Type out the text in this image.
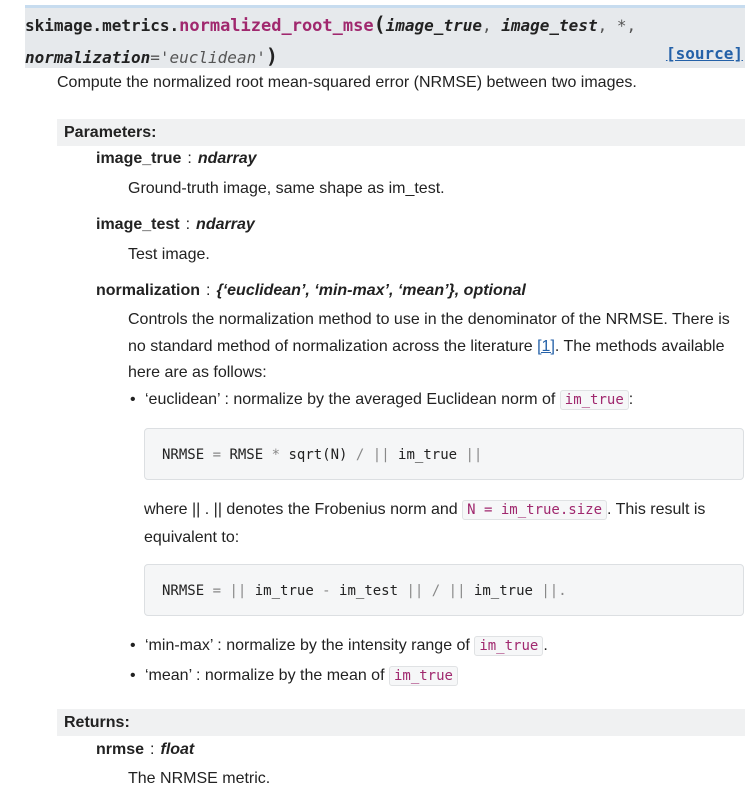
skimage.metrics.normalized_root_mse(image_true, image_test, *,
normalization='euclidean')	[source]
Compute the normalized root mean-squared error (NRMSE) between two images.
Parameters:
image_true : ndarray
Ground-truth image, same shape as im_test.
image_test : ndarray
Test image.
normalization : {‘euclidean’, ‘min-max’, ‘mean’}, optional
Controls the normalization method to use in the denominator of the NRMSE. There is no standard method of normalization across the literature [1]. The methods available here are as follows:
• ‘euclidean’ : normalize by the averaged Euclidean norm of im_true :
NRMSE = RMSE * sqrt(N) / || im_true ||
where || . || denotes the Frobenius norm and N = im_true.size . This result is equivalent to:
NRMSE = || im_true - im_test || / || im_true ||.
• ‘min-max’ : normalize by the intensity range of im_true .
• ‘mean’ : normalize by the mean of im_true
Returns:
nrmse : float
The NRMSE metric.
